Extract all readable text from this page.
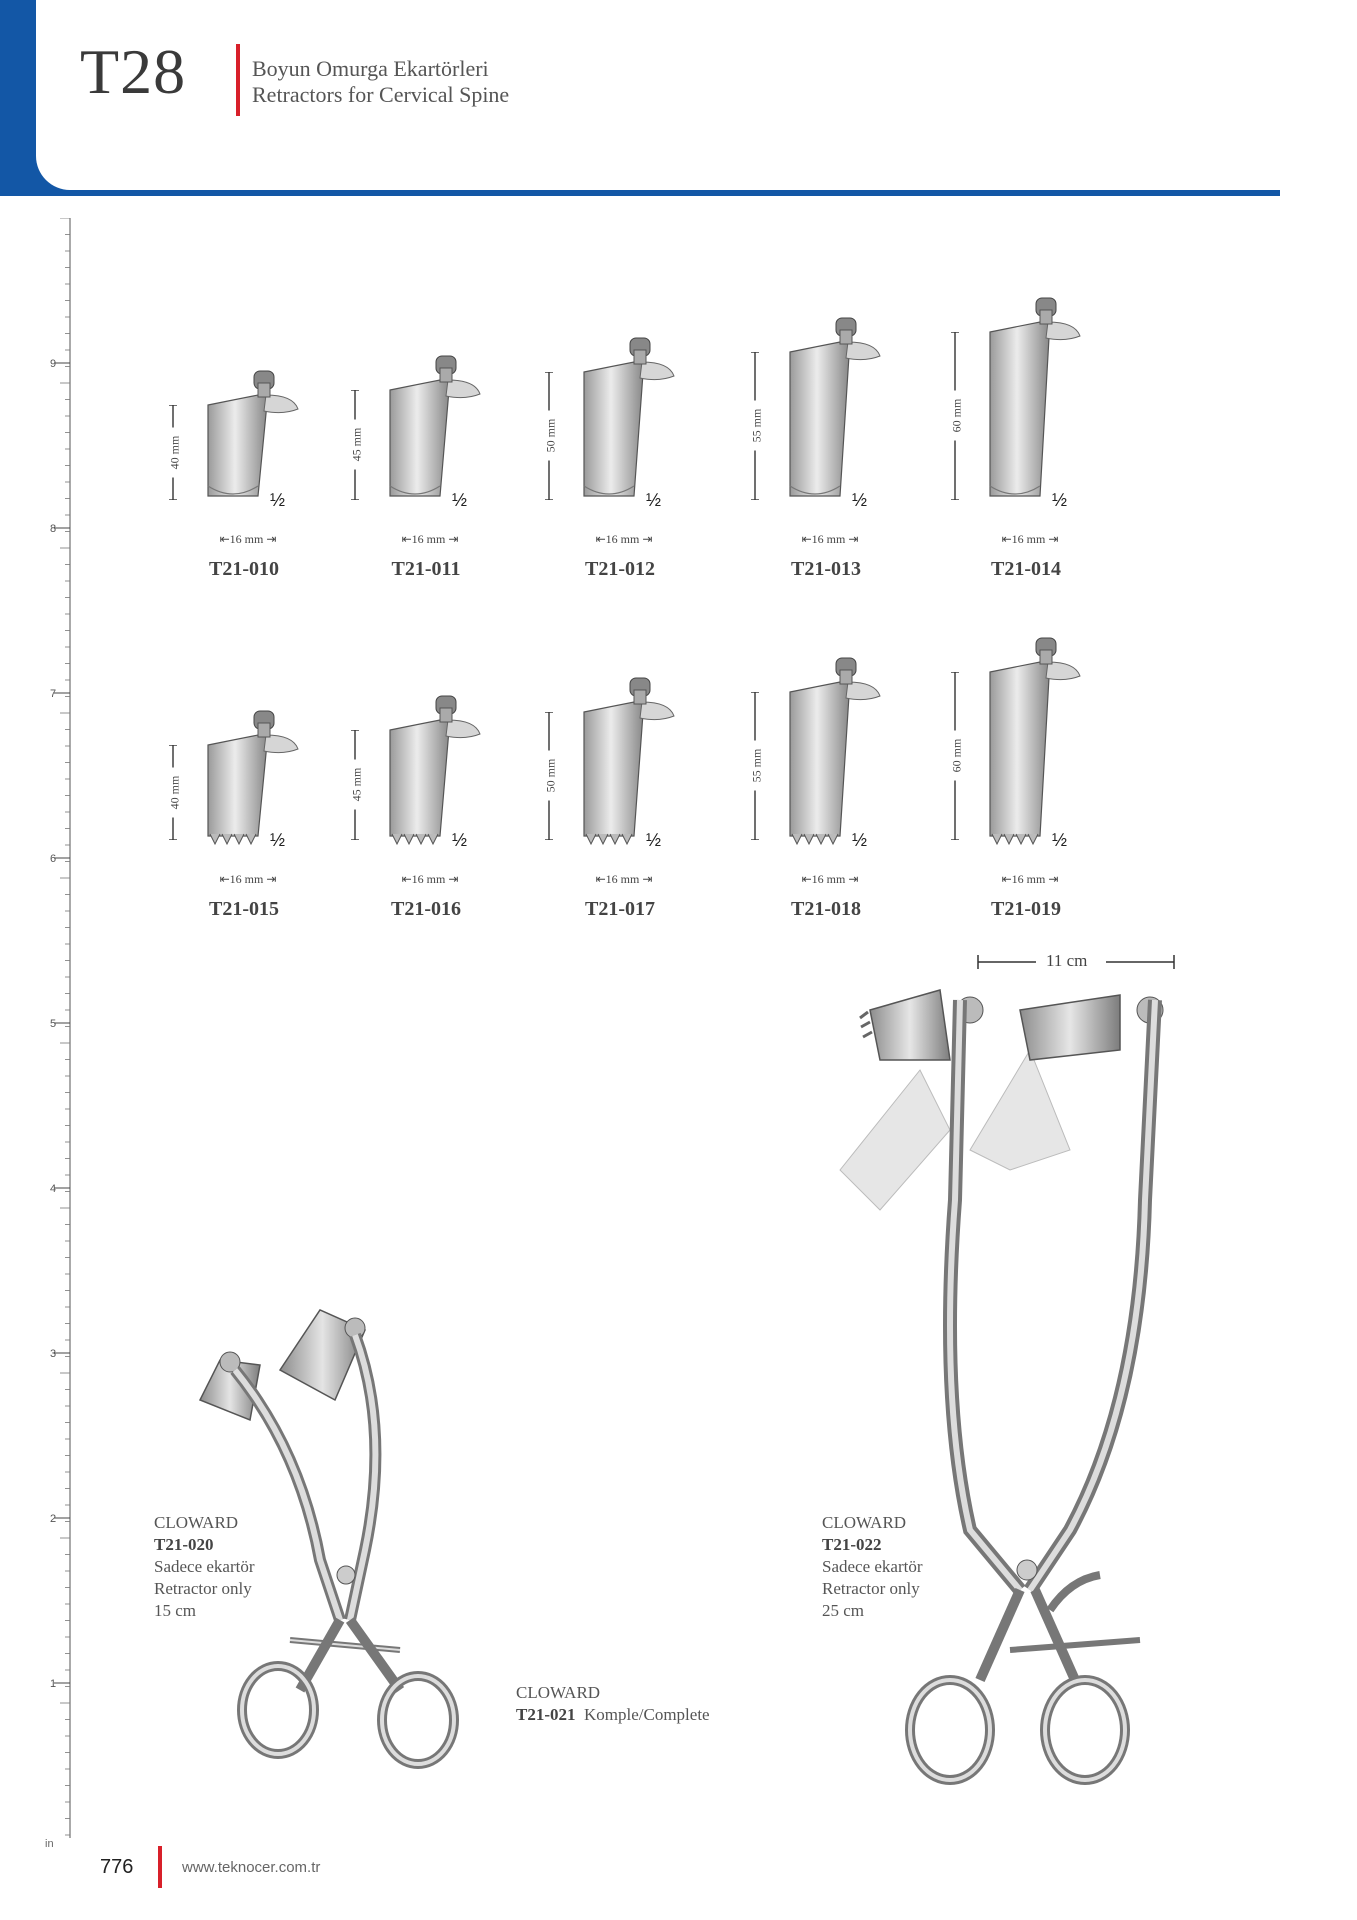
T28	Boyun Omurga Ekartörleri
Retractors for Cervical Spine
9
8
7
6
5
4
3
2
1
in
40 mm
½
⇤16 mm ⇥
T21-010
45 mm
½
⇤16 mm ⇥
T21-011
50 mm
½
⇤16 mm ⇥
T21-012
55 mm
½
⇤16 mm ⇥
T21-013
60 mm
½
⇤16 mm ⇥
T21-014
40 mm
½
⇤16 mm ⇥
T21-015
45 mm
½
⇤16 mm ⇥
T21-016
50 mm
½
⇤16 mm ⇥
T21-017
55 mm
½
⇤16 mm ⇥
T21-018
60 mm
½
⇤16 mm ⇥
T21-019
CLOWARD
T21-020
Sadece ekartör
Retractor only
15 cm
CLOWARD
T21-021 Komple/Complete
11 cm
CLOWARD
T21-022
Sadece ekartör
Retractor only
25 cm
776	www.teknocer.com.tr
